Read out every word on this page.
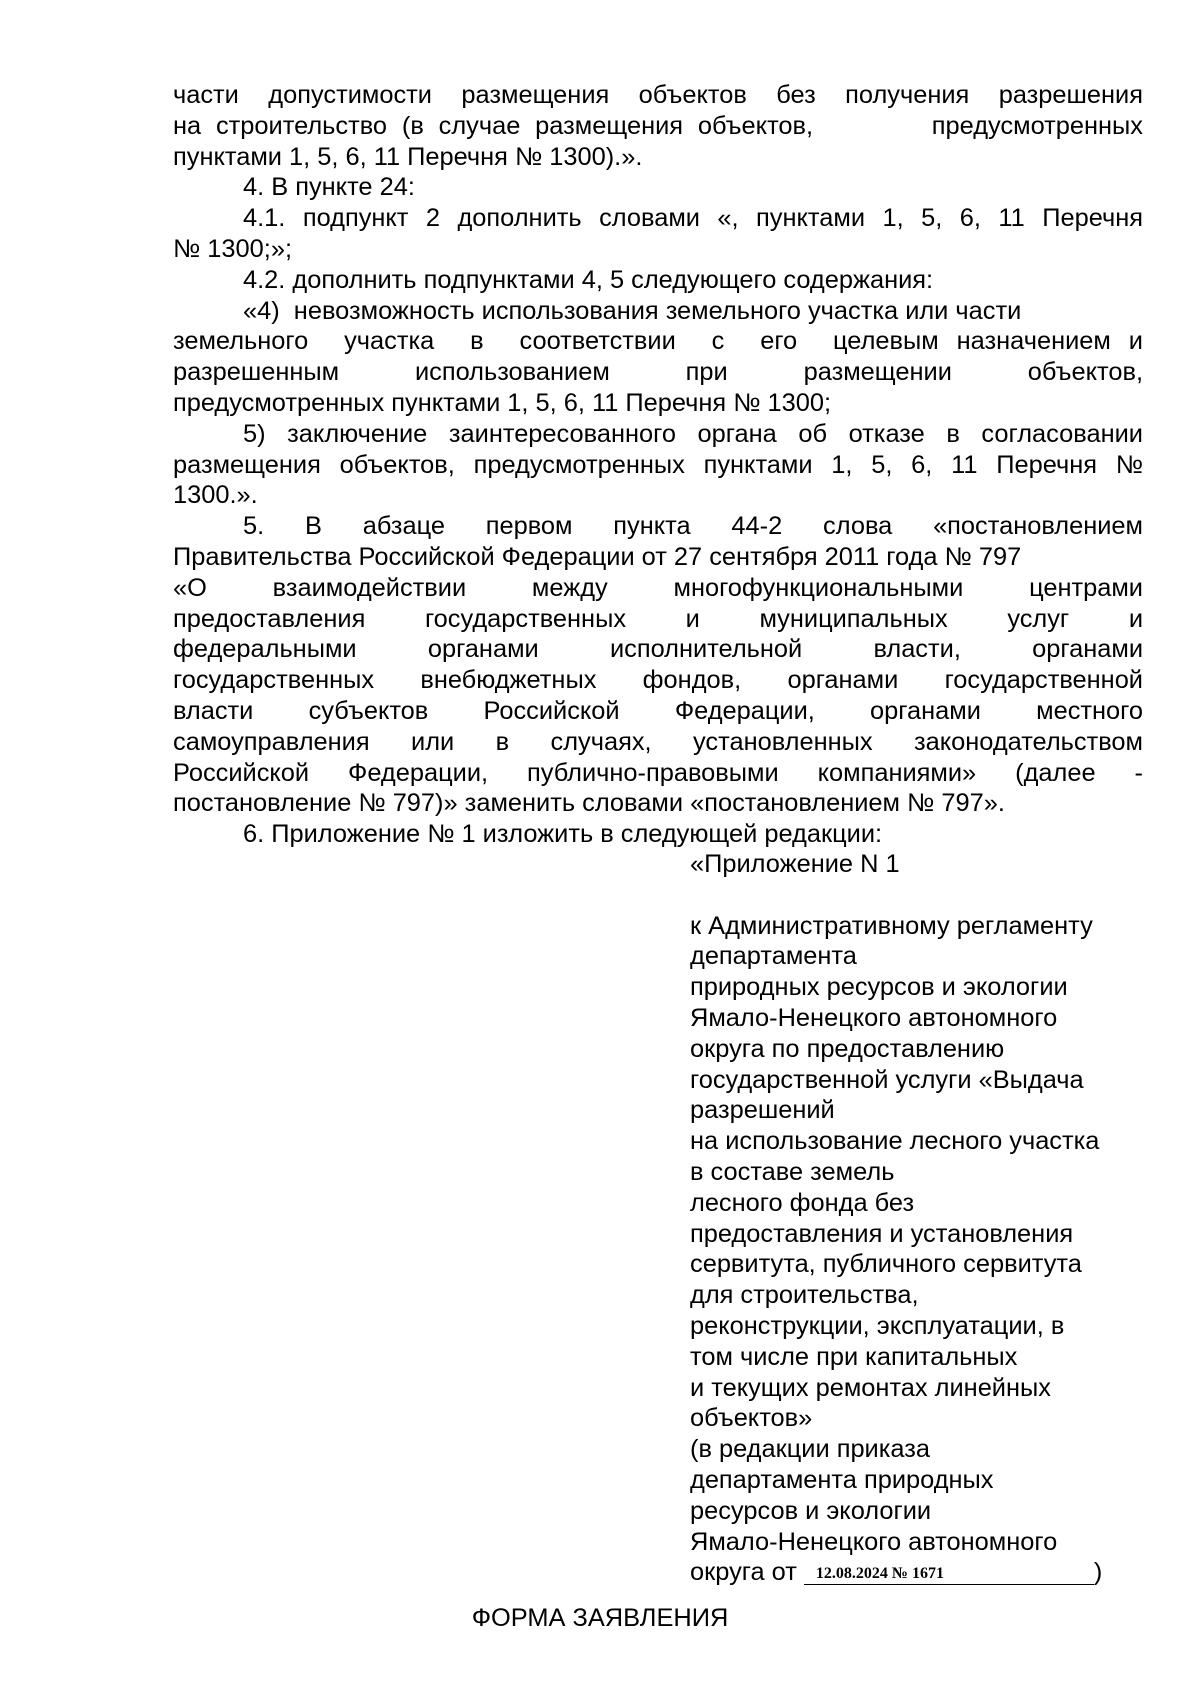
части допустимости размещения объектов без получения разрешения

на строительство (в случае размещения объектов,        предусмотренных

пунктами 1, 5, 6, 11 Перечня № 1300).».

4. В пункте 24:

4.1. подпункт 2 дополнить словами «, пунктами 1, 5, 6, 11 Перечня

№ 1300;»;

4.2. дополнить подпунктами 4, 5 следующего содержания:

«4)  невозможность использования земельного участка или части

земельного  участка  в  соответствии  с  его  целевым назначением и

разрешенным использованием при размещении объектов,

предусмотренных пунктами 1, 5, 6, 11 Перечня № 1300;

5) заключение заинтересованного органа об отказе в согласовании

размещения объектов, предусмотренных пунктами 1, 5, 6, 11 Перечня №

1300.».

5. В абзаце первом пункта 44-2 слова «постановлением

Правительства Российской Федерации от 27 сентября 2011 года № 797

«О взаимодействии между многофункциональными центрами

предоставления государственных и муниципальных услуг и

федеральными органами исполнительной власти, органами

государственных внебюджетных фондов, органами государственной

власти субъектов Российской Федерации, органами местного

самоуправления или в случаях, установленных законодательством

Российской Федерации, публично-правовыми компаниями» (далее -

постановление № 797)» заменить словами «постановлением № 797».

6. Приложение № 1 изложить в следующей редакции:

«Приложение N 1

к Административному регламенту

департамента

природных ресурсов и экологии

Ямало-Ненецкого автономного

округа по предоставлению

государственной услуги «Выдача

разрешений

на использование лесного участка

в составе земель

лесного фонда без

предоставления и установления

сервитута, публичного сервитута

для строительства,

реконструкции, эксплуатации, в

том числе при капитальных

и текущих ремонтах линейных

объектов»

(в редакции приказа

департамента природных

ресурсов и экологии

Ямало-Ненецкого автономного

округа от 12.08.2024 № 1671	)

ФОРМА ЗАЯВЛЕНИЯ
